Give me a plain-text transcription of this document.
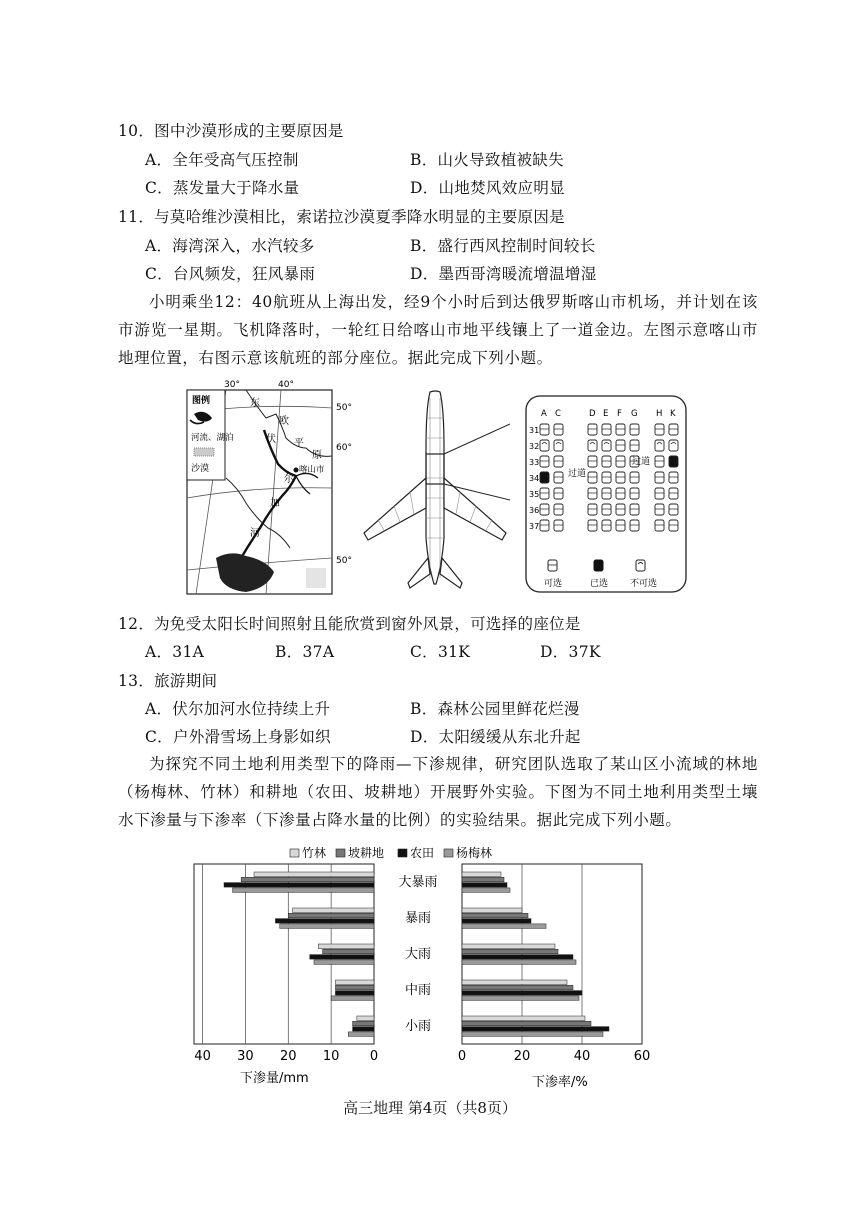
10．图中沙漠形成的主要原因是
A．全年受高气压控制	B．山火导致植被缺失
C．蒸发量大于降水量	D．山地焚风效应明显
11．与莫哈维沙漠相比，索诺拉沙漠夏季降水明显的主要原因是
A．海湾深入，水汽较多	B．盛行西风控制时间较长
C．台风频发，狂风暴雨	D．墨西哥湾暖流增温增湿
小明乘坐12：40航班从上海出发，经9个小时后到达俄罗斯喀山市机场，并计划在该市游览一星期。飞机降落时，一轮红日给喀山市地平线镶上了一道金边。左图示意喀山市地理位置，右图示意该航班的部分座位。据此完成下列小题。
30°	40°
50°
60°
50°
图例
河流、湖泊
沙漠
东
欧
平
原
伏
尔
加
河
喀山市
A C	D E F G H K
31
32
33
34
35
36
37
过道
过道
可选	已选 不可选
12．为免受太阳长时间照射且能欣赏到窗外风景，可选择的座位是
A．31A	B．37A	C．31K	D．37K
13．旅游期间
A．伏尔加河水位持续上升	B．森林公园里鲜花烂漫
C．户外滑雪场上身影如织	D．太阳缓缓从东北升起
为探究不同土地利用类型下的降雨—下渗规律，研究团队选取了某山区小流域的林地（杨梅林、竹林）和耕地（农田、坡耕地）开展野外实验。下图为不同土地利用类型土壤水下渗量与下渗率（下渗量占降水量的比例）的实验结果。据此完成下列小题。
竹林 坡耕地 农田 杨梅林
大暴雨
暴雨
大雨
中雨
小雨
40 30 20 10 0	0	20	40	60
下渗量/mm	下渗率/%
高三地理 第4页（共8页）
